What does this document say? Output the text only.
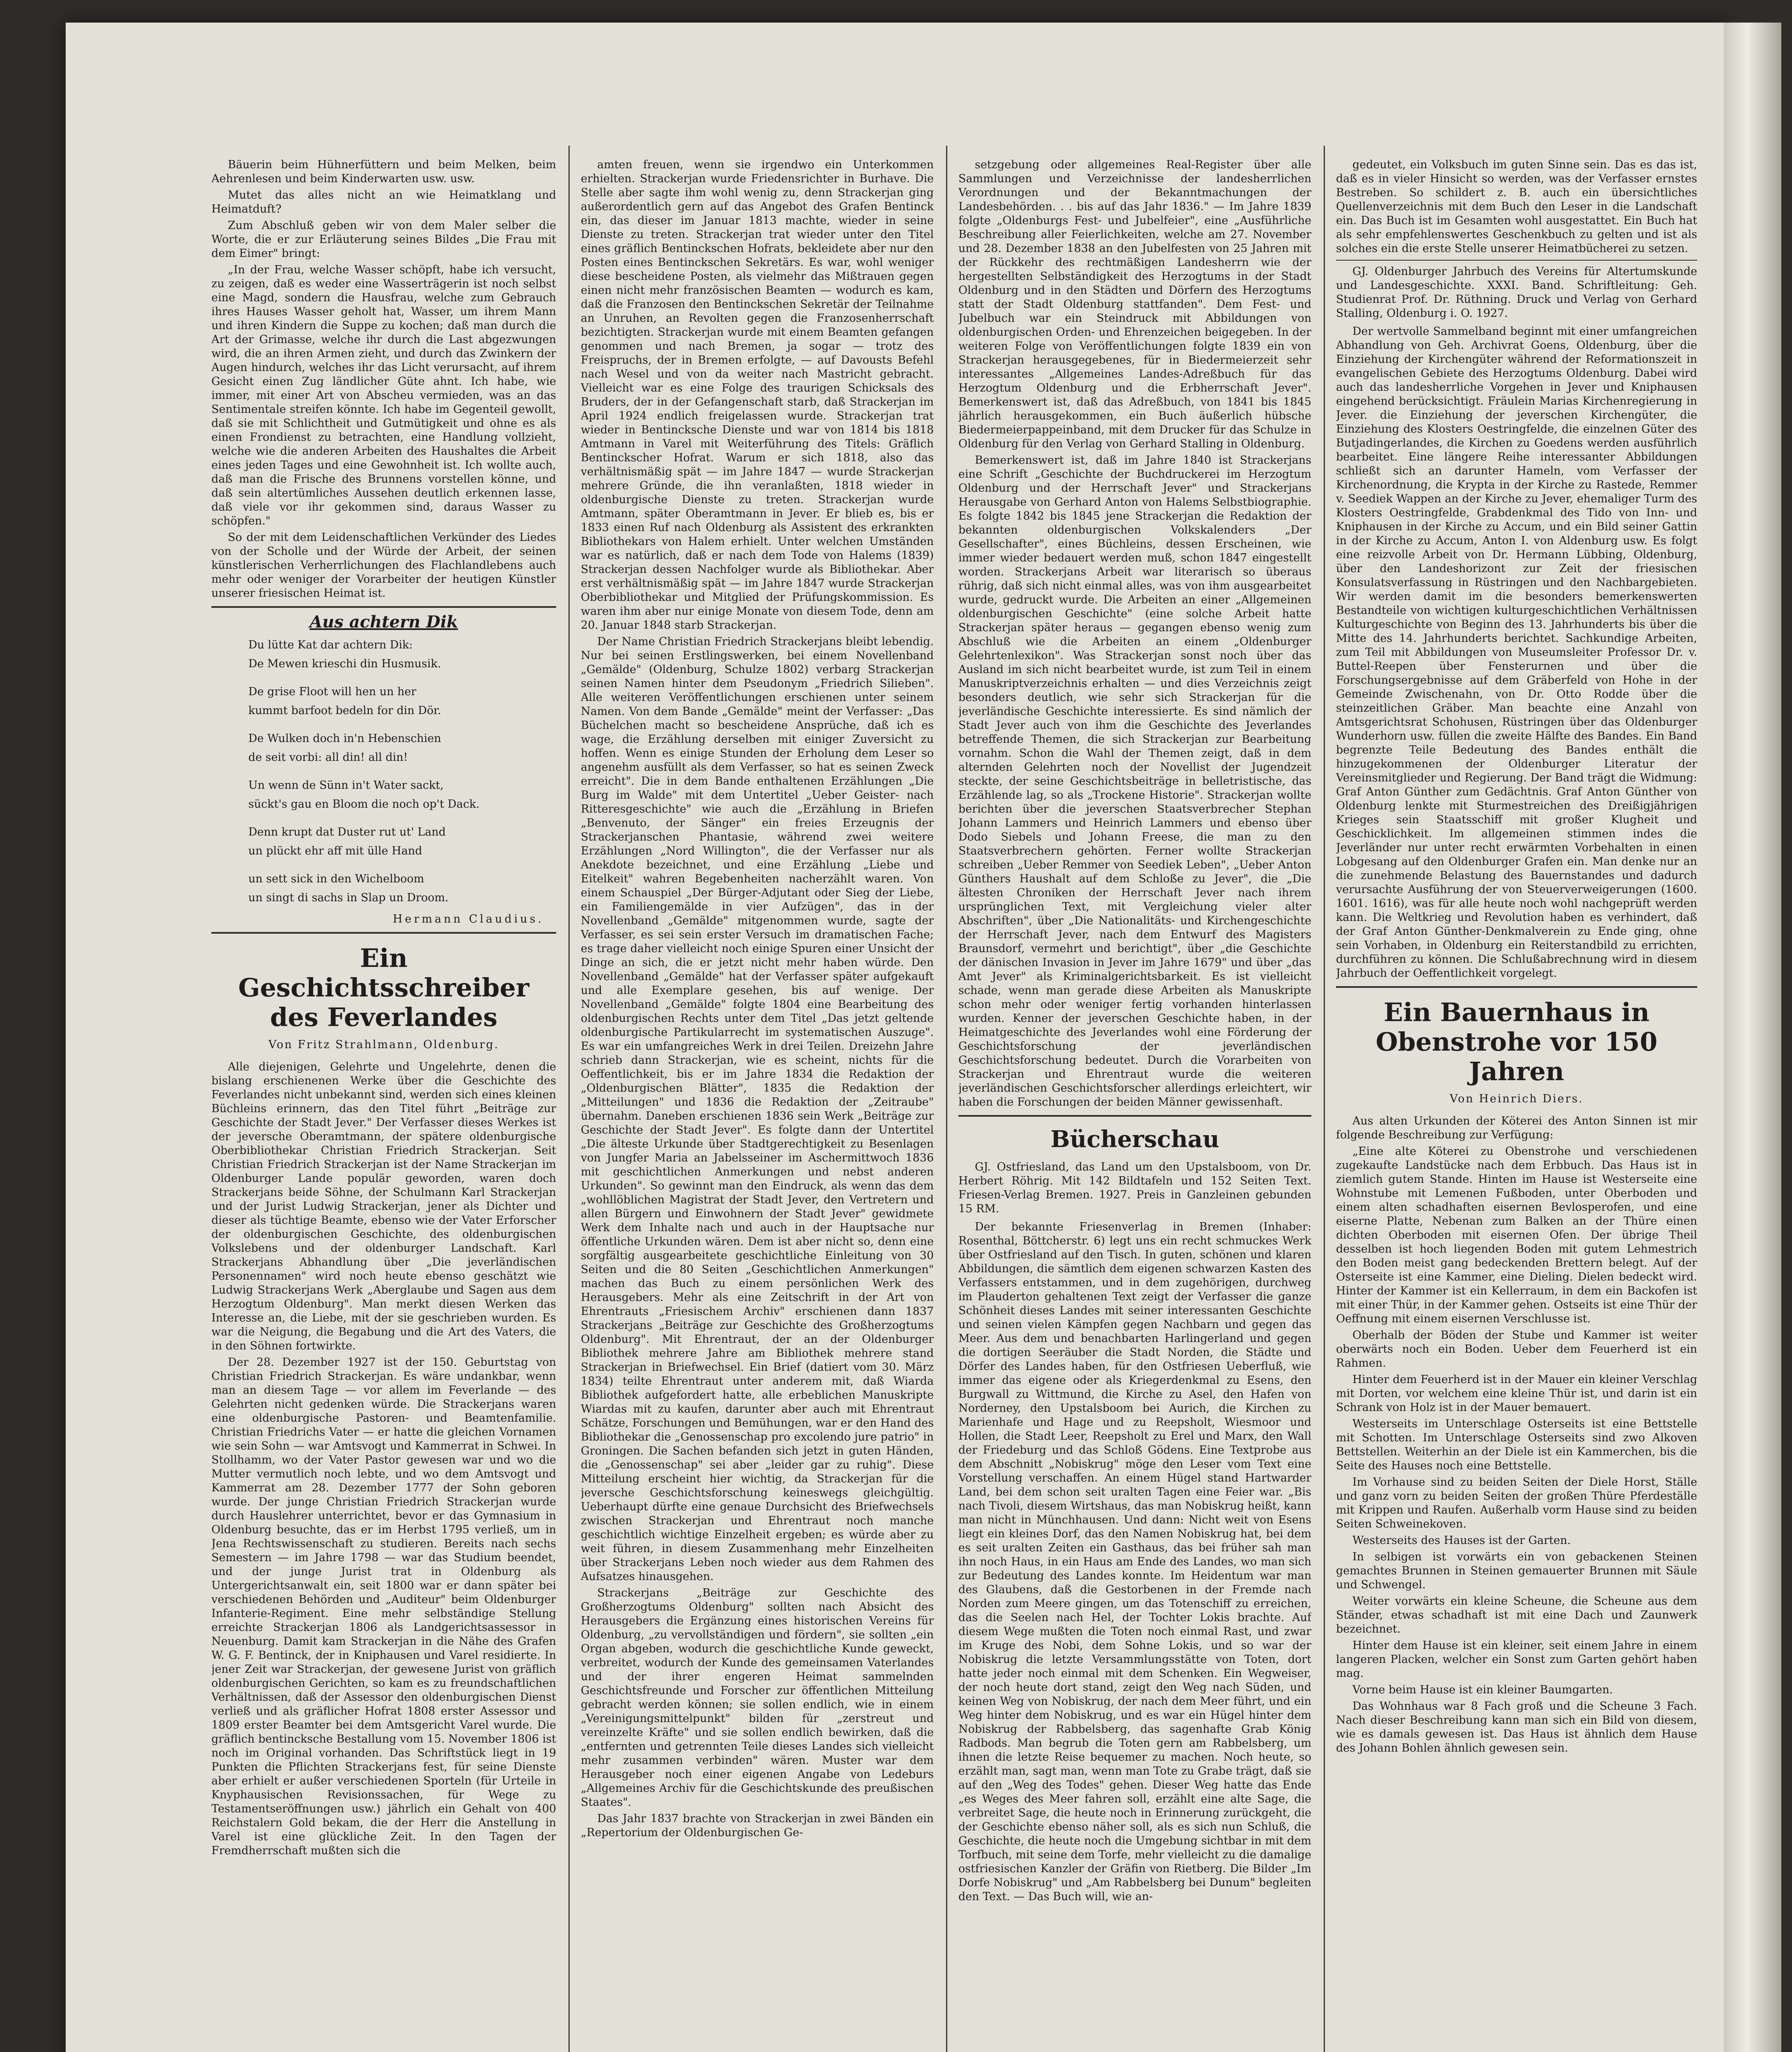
Bäuerin beim Hühnerfüttern und beim Melken, beim Aehrenlesen und beim Kinderwarten usw. usw.

Mutet das alles nicht an wie Heimatklang und Heimatduft?

Zum Abschluß geben wir von dem Maler selber die Worte, die er zur Erläuterung seines Bildes „Die Frau mit dem Eimer" bringt:

„In der Frau, welche Wasser schöpft, habe ich versucht, zu zeigen, daß es weder eine Wasserträgerin ist noch selbst eine Magd, sondern die Hausfrau, welche zum Gebrauch ihres Hauses Wasser geholt hat, Wasser, um ihrem Mann und ihren Kindern die Suppe zu kochen; daß man durch die Art der Grimasse, welche ihr durch die Last abgezwungen wird, die an ihren Armen zieht, und durch das Zwinkern der Augen hindurch, welches ihr das Licht verursacht, auf ihrem Gesicht einen Zug ländlicher Güte ahnt. Ich habe, wie immer, mit einer Art von Abscheu vermieden, was an das Sentimentale streifen könnte. Ich habe im Gegenteil gewollt, daß sie mit Schlichtheit und Gutmütigkeit und ohne es als einen Frondienst zu betrachten, eine Handlung vollzieht, welche wie die anderen Arbeiten des Haushaltes die Arbeit eines jeden Tages und eine Gewohnheit ist. Ich wollte auch, daß man die Frische des Brunnens vorstellen könne, und daß sein altertümliches Aussehen deutlich erkennen lasse, daß viele vor ihr gekommen sind, daraus Wasser zu schöpfen."

So der mit dem Leidenschaftlichen Verkünder des Liedes von der Scholle und der Würde der Arbeit, der seinen künstlerischen Verherrlichungen des Flachlandlebens auch mehr oder weniger der Vorarbeiter der heutigen Künstler unserer friesischen Heimat ist.

Aus achtern Dik
Du lütte Kat dar achtern Dik:
De Mewen krieschi din Husmusik.
De grise Floot will hen un her
kummt barfoot bedeln for din Dör.
De Wulken doch in'n Hebenschien
de seit vorbi: all din! all din!
Un wenn de Sünn in't Water sackt,
sückt's gau en Bloom die noch op't Dack.
Denn krupt dat Duster rut ut' Land
un plückt ehr aff mit ülle Hand
un sett sick in den Wichelboom
un singt di sachs in Slap un Droom.
Hermann Claudius.
Ein Geschichtsschreiber des Feverlandes
Von Fritz Strahlmann, Oldenburg.

Alle diejenigen, Gelehrte und Ungelehrte, denen die bislang erschienenen Werke über die Geschichte des Feverlandes nicht unbekannt sind, werden sich eines kleinen Büchleins erinnern, das den Titel führt „Beiträge zur Geschichte der Stadt Jever." Der Verfasser dieses Werkes ist der jeversche Oberamtmann, der spätere oldenburgische Oberbibliothekar Christian Friedrich Strackerjan. Seit Christian Friedrich Strackerjan ist der Name Strackerjan im Oldenburger Lande populär geworden, waren doch Strackerjans beide Söhne, der Schulmann Karl Strackerjan und der Jurist Ludwig Strackerjan, jener als Dichter und dieser als tüchtige Beamte, ebenso wie der Vater Erforscher der oldenburgischen Geschichte, des oldenburgischen Volkslebens und der oldenburger Landschaft. Karl Strackerjans Abhandlung über „Die jeverländischen Personennamen" wird noch heute ebenso geschätzt wie Ludwig Strackerjans Werk „Aberglaube und Sagen aus dem Herzogtum Oldenburg". Man merkt diesen Werken das Interesse an, die Liebe, mit der sie geschrieben wurden. Es war die Neigung, die Begabung und die Art des Vaters, die in den Söhnen fortwirkte.

Der 28. Dezember 1927 ist der 150. Geburtstag von Christian Friedrich Strackerjan. Es wäre undankbar, wenn man an diesem Tage — vor allem im Feverlande — des Gelehrten nicht gedenken würde. Die Strackerjans waren eine oldenburgische Pastoren- und Beamtenfamilie. Christian Friedrichs Vater — er hatte die gleichen Vornamen wie sein Sohn — war Amtsvogt und Kammerrat in Schwei. In Stollhamm, wo der Vater Pastor gewesen war und wo die Mutter vermutlich noch lebte, und wo dem Amtsvogt und Kammerrat am 28. Dezember 1777 der Sohn geboren wurde. Der junge Christian Friedrich Strackerjan wurde durch Hauslehrer unterrichtet, bevor er das Gymnasium in Oldenburg besuchte, das er im Herbst 1795 verließ, um in Jena Rechtswissenschaft zu studieren. Bereits nach sechs Semestern — im Jahre 1798 — war das Studium beendet, und der junge Jurist trat in Oldenburg als Untergerichtsanwalt ein, seit 1800 war er dann später bei verschiedenen Behörden und „Auditeur" beim Oldenburger Infanterie-Regiment. Eine mehr selbständige Stellung erreichte Strackerjan 1806 als Landgerichtsassessor in Neuenburg. Damit kam Strackerjan in die Nähe des Grafen W. G. F. Bentinck, der in Kniphausen und Varel residierte. In jener Zeit war Strackerjan, der gewesene Jurist von gräflich oldenburgischen Gerichten, so kam es zu freundschaftlichen Verhältnissen, daß der Assessor den oldenburgischen Dienst verließ und als gräflicher Hofrat 1808 erster Assessor und 1809 erster Beamter bei dem Amtsgericht Varel wurde. Die gräflich bentincksche Bestallung vom 15. November 1806 ist noch im Original vorhanden. Das Schriftstück liegt in 19 Punkten die Pflichten Strackerjans fest, für seine Dienste aber erhielt er außer verschiedenen Sporteln (für Urteile in Knyphausischen Revisionssachen, für Wege zu Testamentseröffnungen usw.) jährlich ein Gehalt von 400 Reichstalern Gold bekam, die der Herr die Anstellung in Varel ist eine glückliche Zeit. In den Tagen der Fremdherrschaft mußten sich die

amten freuen, wenn sie irgendwo ein Unterkommen erhielten. Strackerjan wurde Friedensrichter in Burhave. Die Stelle aber sagte ihm wohl wenig zu, denn Strackerjan ging außerordentlich gern auf das Angebot des Grafen Bentinck ein, das dieser im Januar 1813 machte, wieder in seine Dienste zu treten. Strackerjan trat wieder unter den Titel eines gräflich Bentinckschen Hofrats, bekleidete aber nur den Posten eines Bentinckschen Sekretärs. Es war, wohl weniger diese bescheidene Posten, als vielmehr das Mißtrauen gegen einen nicht mehr französischen Beamten — wodurch es kam, daß die Franzosen den Bentinckschen Sekretär der Teilnahme an Unruhen, an Revolten gegen die Franzosenherrschaft bezichtigten. Strackerjan wurde mit einem Beamten gefangen genommen und nach Bremen, ja sogar — trotz des Freispruchs, der in Bremen erfolgte, — auf Davousts Befehl nach Wesel und von da weiter nach Mastricht gebracht. Vielleicht war es eine Folge des traurigen Schicksals des Bruders, der in der Gefangenschaft starb, daß Strackerjan im April 1924 endlich freigelassen wurde. Strackerjan trat wieder in Bentincksche Dienste und war von 1814 bis 1818 Amtmann in Varel mit Weiterführung des Titels: Gräflich Bentinckscher Hofrat. Warum er sich 1818, also das verhältnismäßig spät — im Jahre 1847 — wurde Strackerjan mehrere Gründe, die ihn veranlaßten, 1818 wieder in oldenburgische Dienste zu treten. Strackerjan wurde Amtmann, später Oberamtmann in Jever. Er blieb es, bis er 1833 einen Ruf nach Oldenburg als Assistent des erkrankten Bibliothekars von Halem erhielt. Unter welchen Umständen war es natürlich, daß er nach dem Tode von Halems (1839) Strackerjan dessen Nachfolger wurde als Bibliothekar. Aber erst verhältnismäßig spät — im Jahre 1847 wurde Strackerjan Oberbibliothekar und Mitglied der Prüfungskommission. Es waren ihm aber nur einige Monate von diesem Tode, denn am 20. Januar 1848 starb Strackerjan.

Der Name Christian Friedrich Strackerjans bleibt lebendig. Nur bei seinen Erstlingswerken, bei einem Novellenband „Gemälde" (Oldenburg, Schulze 1802) verbarg Strackerjan seinen Namen hinter dem Pseudonym „Friedrich Silieben". Alle weiteren Veröffentlichungen erschienen unter seinem Namen. Von dem Bande „Gemälde" meint der Verfasser: „Das Büchelchen macht so bescheidene Ansprüche, daß ich es wage, die Erzählung derselben mit einiger Zuversicht zu hoffen. Wenn es einige Stunden der Erholung dem Leser so angenehm ausfüllt als dem Verfasser, so hat es seinen Zweck erreicht". Die in dem Bande enthaltenen Erzählungen „Die Burg im Walde" mit dem Untertitel „Ueber Geister- nach Ritteresgeschichte" wie auch die „Erzählung in Briefen „Benvenuto, der Sänger" ein freies Erzeugnis der Strackerjanschen Phantasie, während zwei weitere Erzählungen „Nord Willington", die der Verfasser nur als Anekdote bezeichnet, und eine Erzählung „Liebe und Eitelkeit" wahren Begebenheiten nacherzählt waren. Von einem Schauspiel „Der Bürger-Adjutant oder Sieg der Liebe, ein Familiengemälde in vier Aufzügen", das in der Novellenband „Gemälde" mitgenommen wurde, sagte der Verfasser, es sei sein erster Versuch im dramatischen Fache; es trage daher vielleicht noch einige Spuren einer Unsicht der Dinge an sich, die er jetzt nicht mehr haben würde. Den Novellenband „Gemälde" hat der Verfasser später aufgekauft und alle Exemplare gesehen, bis auf wenige. Der Novellenband „Gemälde" folgte 1804 eine Bearbeitung des oldenburgischen Rechts unter dem Titel „Das jetzt geltende oldenburgische Partikularrecht im systematischen Auszuge". Es war ein umfangreiches Werk in drei Teilen. Dreizehn Jahre schrieb dann Strackerjan, wie es scheint, nichts für die Oeffentlichkeit, bis er im Jahre 1834 die Redaktion der „Oldenburgischen Blätter", 1835 die Redaktion der „Mitteilungen" und 1836 die Redaktion der „Zeitraube" übernahm. Daneben erschienen 1836 sein Werk „Beiträge zur Geschichte der Stadt Jever". Es folgte dann der Untertitel „Die älteste Urkunde über Stadtgerechtigkeit zu Besenlagen von Jungfer Maria an Jabelsseiner im Aschermittwoch 1836 mit geschichtlichen Anmerkungen und nebst anderen Urkunden". So gewinnt man den Eindruck, als wenn das dem „wohllöblichen Magistrat der Stadt Jever, den Vertretern und allen Bürgern und Einwohnern der Stadt Jever" gewidmete Werk dem Inhalte nach und auch in der Hauptsache nur öffentliche Urkunden wären. Dem ist aber nicht so, denn eine sorgfältig ausgearbeitete geschichtliche Einleitung von 30 Seiten und die 80 Seiten „Geschichtlichen Anmerkungen" machen das Buch zu einem persönlichen Werk des Herausgebers. Mehr als eine Zeitschrift in der Art von Ehrentrauts „Friesischem Archiv" erschienen dann 1837 Strackerjans „Beiträge zur Geschichte des Großherzogtums Oldenburg". Mit Ehrentraut, der an der Oldenburger Bibliothek mehrere Jahre am Bibliothek mehrere stand Strackerjan in Briefwechsel. Ein Brief (datiert vom 30. März 1834) teilte Ehrentraut unter anderem mit, daß Wiarda Bibliothek aufgefordert hatte, alle erbeblichen Manuskripte Wiardas mit zu kaufen, darunter aber auch mit Ehrentraut Schätze, Forschungen und Bemühungen, war er den Hand des Bibliothekar die „Genossenschap pro excolendo jure patrio" in Groningen. Die Sachen befanden sich jetzt in guten Händen, die „Genossenschap" sei aber „leider gar zu ruhig". Diese Mitteilung erscheint hier wichtig, da Strackerjan für die jeversche Geschichtsforschung keineswegs gleichgültig. Ueberhaupt dürfte eine genaue Durchsicht des Briefwechsels zwischen Strackerjan und Ehrentraut noch manche geschichtlich wichtige Einzelheit ergeben; es würde aber zu weit führen, in diesem Zusammenhang mehr Einzelheiten über Strackerjans Leben noch wieder aus dem Rahmen des Aufsatzes hinausgehen.

Strackerjans „Beiträge zur Geschichte des Großherzogtums Oldenburg" sollten nach Absicht des Herausgebers die Ergänzung eines historischen Vereins für Oldenburg, „zu vervollständigen und fördern", sie sollten „ein Organ abgeben, wodurch die geschichtliche Kunde geweckt, verbreitet, wodurch der Kunde des gemeinsamen Vaterlandes und der ihrer engeren Heimat sammelnden Geschichtsfreunde und Forscher zur öffentlichen Mitteilung gebracht werden können; sie sollen endlich, wie in einem „Vereinigungsmittelpunkt" bilden für „zerstreut und vereinzelte Kräfte" und sie sollen endlich bewirken, daß die „entfernten und getrennten Teile dieses Landes sich vielleicht mehr zusammen verbinden" wären. Muster war dem Herausgeber noch einer eigenen Angabe von Ledeburs „Allgemeines Archiv für die Geschichtskunde des preußischen Staates".

Das Jahr 1837 brachte von Strackerjan in zwei Bänden ein „Repertorium der Oldenburgischen Ge-

setzgebung oder allgemeines Real-Register über alle Sammlungen und Verzeichnisse der landesherrlichen Verordnungen und der Bekanntmachungen der Landesbehörden. . . bis auf das Jahr 1836." — Im Jahre 1839 folgte „Oldenburgs Fest- und Jubelfeier", eine „Ausführliche Beschreibung aller Feierlichkeiten, welche am 27. November und 28. Dezember 1838 an den Jubelfesten von 25 Jahren mit der Rückkehr des rechtmäßigen Landesherrn wie der hergestellten Selbständigkeit des Herzogtums in der Stadt Oldenburg und in den Städten und Dörfern des Herzogtums statt der Stadt Oldenburg stattfanden". Dem Fest- und Jubelbuch war ein Steindruck mit Abbildungen von oldenburgischen Orden- und Ehrenzeichen beigegeben. In der weiteren Folge von Veröffentlichungen folgte 1839 ein von Strackerjan herausgegebenes, für in Biedermeierzeit sehr interessantes „Allgemeines Landes-Adreßbuch für das Herzogtum Oldenburg und die Erbherrschaft Jever". Bemerkenswert ist, daß das Adreßbuch, von 1841 bis 1845 jährlich herausgekommen, ein Buch äußerlich hübsche Biedermeierpappeinband, mit dem Drucker für das Schulze in Oldenburg für den Verlag von Gerhard Stalling in Oldenburg.

Bemerkenswert ist, daß im Jahre 1840 ist Strackerjans eine Schrift „Geschichte der Buchdruckerei im Herzogtum Oldenburg und der Herrschaft Jever" und Strackerjans Herausgabe von Gerhard Anton von Halems Selbstbiographie. Es folgte 1842 bis 1845 jene Strackerjan die Redaktion der bekannten oldenburgischen Volkskalenders „Der Gesellschafter", eines Büchleins, dessen Erscheinen, wie immer wieder bedauert werden muß, schon 1847 eingestellt worden. Strackerjans Arbeit war literarisch so überaus rührig, daß sich nicht einmal alles, was von ihm ausgearbeitet wurde, gedruckt wurde. Die Arbeiten an einer „Allgemeinen oldenburgischen Geschichte" (eine solche Arbeit hatte Strackerjan später heraus — gegangen ebenso wenig zum Abschluß wie die Arbeiten an einem „Oldenburger Gelehrtenlexikon". Was Strackerjan sonst noch über das Ausland im sich nicht bearbeitet wurde, ist zum Teil in einem Manuskriptverzeichnis erhalten — und dies Verzeichnis zeigt besonders deutlich, wie sehr sich Strackerjan für die jeverländische Geschichte interessierte. Es sind nämlich der Stadt Jever auch von ihm die Geschichte des Jeverlandes betreffende Themen, die sich Strackerjan zur Bearbeitung vornahm. Schon die Wahl der Themen zeigt, daß in dem alternden Gelehrten noch der Novellist der Jugendzeit steckte, der seine Geschichtsbeiträge in belletristische, das Erzählende lag, so als „Trockene Historie". Strackerjan wollte berichten über die jeverschen Staatsverbrecher Stephan Johann Lammers und Heinrich Lammers und ebenso über Dodo Siebels und Johann Freese, die man zu den Staatsverbrechern gehörten. Ferner wollte Strackerjan schreiben „Ueber Remmer von Seediek Leben", „Ueber Anton Günthers Haushalt auf dem Schloße zu Jever", die „Die ältesten Chroniken der Herrschaft Jever nach ihrem ursprünglichen Text, mit Vergleichung vieler alter Abschriften", über „Die Nationalitäts- und Kirchengeschichte der Herrschaft Jever, nach dem Entwurf des Magisters Braunsdorf, vermehrt und berichtigt", über „die Geschichte der dänischen Invasion in Jever im Jahre 1679" und über „das Amt Jever" als Kriminalgerichtsbarkeit. Es ist vielleicht schade, wenn man gerade diese Arbeiten als Manuskripte schon mehr oder weniger fertig vorhanden hinterlassen wurden. Kenner der jeverschen Geschichte haben, in der Heimatgeschichte des Jeverlandes wohl eine Förderung der Geschichtsforschung der jeverländischen Geschichtsforschung bedeutet. Durch die Vorarbeiten von Strackerjan und Ehrentraut wurde die weiteren jeverländischen Geschichtsforscher allerdings erleichtert, wir haben die Forschungen der beiden Männer gewissenhaft.

Bücherschau
GJ. Ostfriesland, das Land um den Upstalsboom, von Dr. Herbert Röhrig. Mit 142 Bildtafeln und 152 Seiten Text. Friesen-Verlag Bremen. 1927. Preis in Ganzleinen gebunden 15 RM.

Der bekannte Friesenverlag in Bremen (Inhaber: Rosenthal, Böttcherstr. 6) legt uns ein recht schmuckes Werk über Ostfriesland auf den Tisch. In guten, schönen und klaren Abbildungen, die sämtlich dem eigenen schwarzen Kasten des Verfassers entstammen, und in dem zugehörigen, durchweg im Plauderton gehaltenen Text zeigt der Verfasser die ganze Schönheit dieses Landes mit seiner interessanten Geschichte und seinen vielen Kämpfen gegen Nachbarn und gegen das Meer. Aus dem und benachbarten Harlingerland und gegen die dortigen Seeräuber die Stadt Norden, die Städte und Dörfer des Landes haben, für den Ostfriesen Ueberfluß, wie immer das eigene oder als Kriegerdenkmal zu Esens, den Burgwall zu Wittmund, die Kirche zu Asel, den Hafen von Norderney, den Upstalsboom bei Aurich, die Kirchen zu Marienhafe und Hage und zu Reepsholt, Wiesmoor und Hollen, die Stadt Leer, Reepsholt zu Erel und Marx, den Wall der Friedeburg und das Schloß Gödens. Eine Textprobe aus dem Abschnitt „Nobiskrug" möge den Leser vom Text eine Vorstellung verschaffen. An einem Hügel stand Hartwarder Land, bei dem schon seit uralten Tagen eine Feier war. „Bis nach Tivoli, diesem Wirtshaus, das man Nobiskrug heißt, kann man nicht in Münchhausen. Und dann: Nicht weit von Esens liegt ein kleines Dorf, das den Namen Nobiskrug hat, bei dem es seit uralten Zeiten ein Gasthaus, das bei früher sah man ihn noch Haus, in ein Haus am Ende des Landes, wo man sich zur Bedeutung des Landes konnte. Im Heidentum war man des Glaubens, daß die Gestorbenen in der Fremde nach Norden zum Meere gingen, um das Totenschiff zu erreichen, das die Seelen nach Hel, der Tochter Lokis brachte. Auf diesem Wege mußten die Toten noch einmal Rast, und zwar im Kruge des Nobi, dem Sohne Lokis, und so war der Nobiskrug die letzte Versammlungsstätte von Toten, dort hatte jeder noch einmal mit dem Schenken. Ein Wegweiser, der noch heute dort stand, zeigt den Weg nach Süden, und keinen Weg von Nobiskrug, der nach dem Meer führt, und ein Weg hinter dem Nobiskrug, und es war ein Hügel hinter dem Nobiskrug der Rabbelsberg, das sagenhafte Grab König Radbods. Man begrub die Toten gern am Rabbelsberg, um ihnen die letzte Reise bequemer zu machen. Noch heute, so erzählt man, sagt man, wenn man Tote zu Grabe trägt, daß sie auf den „Weg des Todes" gehen. Dieser Weg hatte das Ende „es Weges des Meer fahren soll, erzählt eine alte Sage, die verbreitet Sage, die heute noch in Erinnerung zurückgeht, die der Geschichte ebenso näher soll, als es sich nun Schluß, die Geschichte, die heute noch die Umgebung sichtbar in mit dem Torfbuch, mit seine dem Torfe, mehr vielleicht zu die damalige ostfriesischen Kanzler der Gräfin von Rietberg. Die Bilder „Im Dorfe Nobiskrug" und „Am Rabbelsberg bei Dunum" begleiten den Text. — Das Buch will, wie an-

gedeutet, ein Volksbuch im guten Sinne sein. Das es das ist, daß es in vieler Hinsicht so werden, was der Verfasser ernstes Bestreben. So schildert z. B. auch ein übersichtliches Quellenverzeichnis mit dem Buch den Leser in die Landschaft ein. Das Buch ist im Gesamten wohl ausgestattet. Ein Buch hat als sehr empfehlenswertes Geschenkbuch zu gelten und ist als solches ein die erste Stelle unserer Heimatbücherei zu setzen.

GJ. Oldenburger Jahrbuch des Vereins für Altertumskunde und Landesgeschichte. XXXI. Band. Schriftleitung: Geh. Studienrat Prof. Dr. Rüthning. Druck und Verlag von Gerhard Stalling, Oldenburg i. O. 1927.

Der wertvolle Sammelband beginnt mit einer umfangreichen Abhandlung von Geh. Archivrat Goens, Oldenburg, über die Einziehung der Kirchengüter während der Reformationszeit in evangelischen Gebiete des Herzogtums Oldenburg. Dabei wird auch das landesherrliche Vorgehen in Jever und Kniphausen eingehend berücksichtigt. Fräulein Marias Kirchenregierung in Jever. die Einziehung der jeverschen Kirchengüter, die Einziehung des Klosters Oestringfelde, die einzelnen Güter des Butjadingerlandes, die Kirchen zu Goedens werden ausführlich bearbeitet. Eine längere Reihe interessanter Abbildungen schließt sich an darunter Hameln, vom Verfasser der Kirchenordnung, die Krypta in der Kirche zu Rastede, Remmer v. Seediek Wappen an der Kirche zu Jever, ehemaliger Turm des Klosters Oestringfelde, Grabdenkmal des Tido von Inn- und Kniphausen in der Kirche zu Accum, und ein Bild seiner Gattin in der Kirche zu Accum, Anton I. von Aldenburg usw. Es folgt eine reizvolle Arbeit von Dr. Hermann Lübbing, Oldenburg, über den Landeshorizont zur Zeit der friesischen Konsulatsverfassung in Rüstringen und den Nachbargebieten. Wir werden damit im die besonders bemerkenswerten Bestandteile von wichtigen kulturgeschichtlichen Verhältnissen Kulturgeschichte von Beginn des 13. Jahrhunderts bis über die Mitte des 14. Jahrhunderts berichtet. Sachkundige Arbeiten, zum Teil mit Abbildungen von Museumsleiter Professor Dr. v. Buttel-Reepen über Fensterurnen und über die Forschungsergebnisse auf dem Gräberfeld von Hohe in der Gemeinde Zwischenahn, von Dr. Otto Rodde über die steinzeitlichen Gräber. Man beachte eine Anzahl von Amtsgerichtsrat Schohusen, Rüstringen über das Oldenburger Wunderhorn usw. füllen die zweite Hälfte des Bandes. Ein Band begrenzte Teile Bedeutung des Bandes enthält die hinzugekommenen der Oldenburger Literatur der Vereinsmitglieder und Regierung. Der Band trägt die Widmung: Graf Anton Günther zum Gedächtnis. Graf Anton Günther von Oldenburg lenkte mit Sturmestreichen des Dreißigjährigen Krieges sein Staatsschiff mit großer Klugheit und Geschicklichkeit. Im allgemeinen stimmen indes die Jeverländer nur unter recht erwärmten Vorbehalten in einen Lobgesang auf den Oldenburger Grafen ein. Man denke nur an die zunehmende Belastung des Bauernstandes und dadurch verursachte Ausführung der von Steuerverweigerungen (1600. 1601. 1616), was für alle heute noch wohl nachgeprüft werden kann. Die Weltkrieg und Revolution haben es verhindert, daß der Graf Anton Günther-Denkmalverein zu Ende ging, ohne sein Vorhaben, in Oldenburg ein Reiterstandbild zu errichten, durchführen zu können. Die Schlußabrechnung wird in diesem Jahrbuch der Oeffentlichkeit vorgelegt.

Ein Bauernhaus in Obenstrohe vor 150 Jahren
Von Heinrich Diers.

Aus alten Urkunden der Köterei des Anton Sinnen ist mir folgende Beschreibung zur Verfügung:

„Eine alte Köterei zu Obenstrohe und verschiedenen zugekaufte Landstücke nach dem Erbbuch. Das Haus ist in ziemlich gutem Stande. Hinten im Hause ist Westerseite eine Wohnstube mit Lemenen Fußboden, unter Oberboden und einem alten schadhaften eisernen Bevlosperofen, und eine eiserne Platte, Nebenan zum Balken an der Thüre einen dichten Oberboden mit eisernen Ofen. Der übrige Theil desselben ist hoch liegenden Boden mit gutem Lehmestrich den Boden meist gang bedeckenden Brettern belegt. Auf der Osterseite ist eine Kammer, eine Dieling. Dielen bedeckt wird. Hinter der Kammer ist ein Kellerraum, in dem ein Backofen ist mit einer Thür, in der Kammer gehen. Ostseits ist eine Thür der Oeffnung mit einem eisernen Verschlusse ist.

Oberhalb der Böden der Stube und Kammer ist weiter oberwärts noch ein Boden. Ueber dem Feuerherd ist ein Rahmen.

Hinter dem Feuerherd ist in der Mauer ein kleiner Verschlag mit Dorten, vor welchem eine kleine Thür ist, und darin ist ein Schrank von Holz ist in der Mauer bemauert.

Westerseits im Unterschlage Osterseits ist eine Bettstelle mit Schotten. Im Unterschlage Osterseits sind zwo Alkoven Bettstellen. Weiterhin an der Diele ist ein Kammerchen, bis die Seite des Hauses noch eine Bettstelle.

Im Vorhause sind zu beiden Seiten der Diele Horst, Ställe und ganz vorn zu beiden Seiten der großen Thüre Pferdeställe mit Krippen und Raufen. Außerhalb vorm Hause sind zu beiden Seiten Schweinekoven.

Westerseits des Hauses ist der Garten.

In selbigen ist vorwärts ein von gebackenen Steinen gemachtes Brunnen in Steinen gemauerter Brunnen mit Säule und Schwengel.

Weiter vorwärts ein kleine Scheune, die Scheune aus dem Ständer, etwas schadhaft ist mit eine Dach und Zaunwerk bezeichnet.

Hinter dem Hause ist ein kleiner, seit einem Jahre in einem langeren Placken, welcher ein Sonst zum Garten gehört haben mag.

Vorne beim Hause ist ein kleiner Baumgarten.

Das Wohnhaus war 8 Fach groß und die Scheune 3 Fach. Nach dieser Beschreibung kann man sich ein Bild von diesem, wie es damals gewesen ist. Das Haus ist ähnlich dem Hause des Johann Bohlen ähnlich gewesen sein.
